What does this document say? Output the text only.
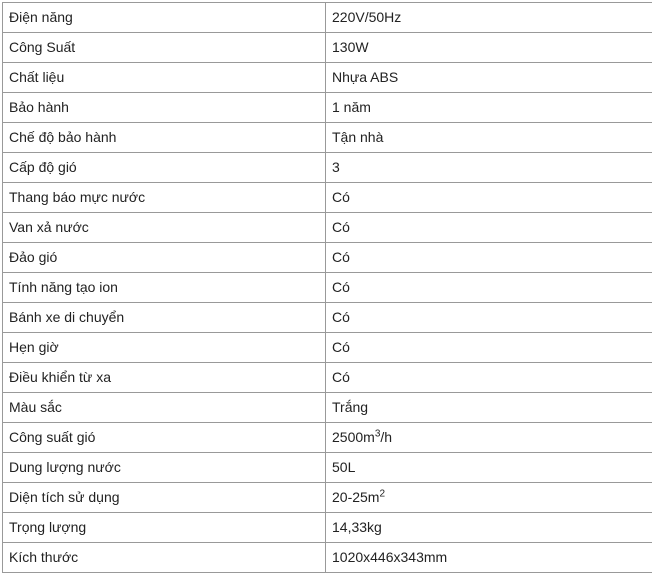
Điện năng	220V/50Hz
Công Suất	130W
Chất liệu	Nhựa ABS
Bảo hành	1 năm
Chế độ bảo hành	Tận nhà
Cấp độ gió	3
Thang báo mực nước	Có
Van xả nước	Có
Đảo gió	Có
Tính năng tạo ion	Có
Bánh xe di chuyển	Có
Hẹn giờ	Có
Điều khiển từ xa	Có
Màu sắc	Trắng
Công suất gió	$2500m^3/h$
Dung lượng nước	50L
Diện tích sử dụng	$20-25m^2$
Trọng lượng	14,33kg
Kích thước	1020x446x343mm
